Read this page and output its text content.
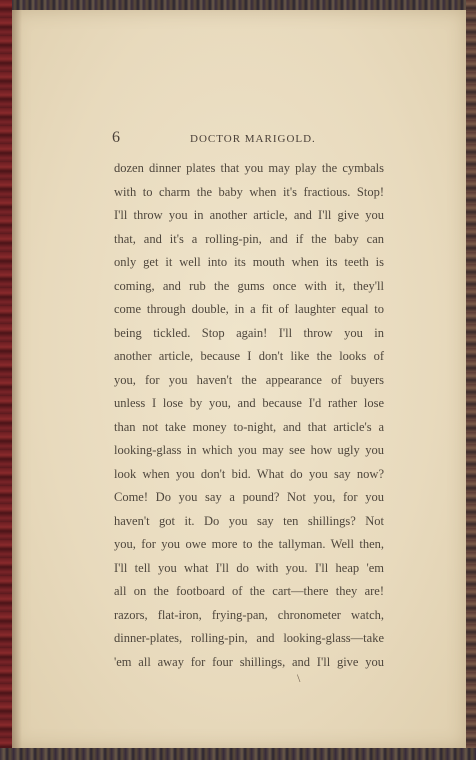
6	DOCTOR MARIGOLD.
dozen dinner plates that you may play the cymbals
with to charm the baby when it's fractious. Stop!
I'll throw you in another article, and I'll give you
that, and it's a rolling-pin, and if the baby can
only get it well into its mouth when its teeth is
coming, and rub the gums once with it, they'll
come through double, in a fit of laughter equal to
being tickled. Stop again! I'll throw you in
another article, because I don't like the looks of
you, for you haven't the appearance of buyers
unless I lose by you, and because I'd rather lose
than not take money to-night, and that article's a
looking-glass in which you may see how ugly you
look when you don't bid. What do you say now?
Come! Do you say a pound? Not you, for you
haven't got it. Do you say ten shillings? Not
you, for you owe more to the tallyman. Well then,
I'll tell you what I'll do with you. I'll heap 'em
all on the footboard of the cart—there they are!
razors, flat-iron, frying-pan, chronometer watch,
dinner-plates, rolling-pin, and looking-glass—take
'em all away for four shillings, and I'll give you
\
